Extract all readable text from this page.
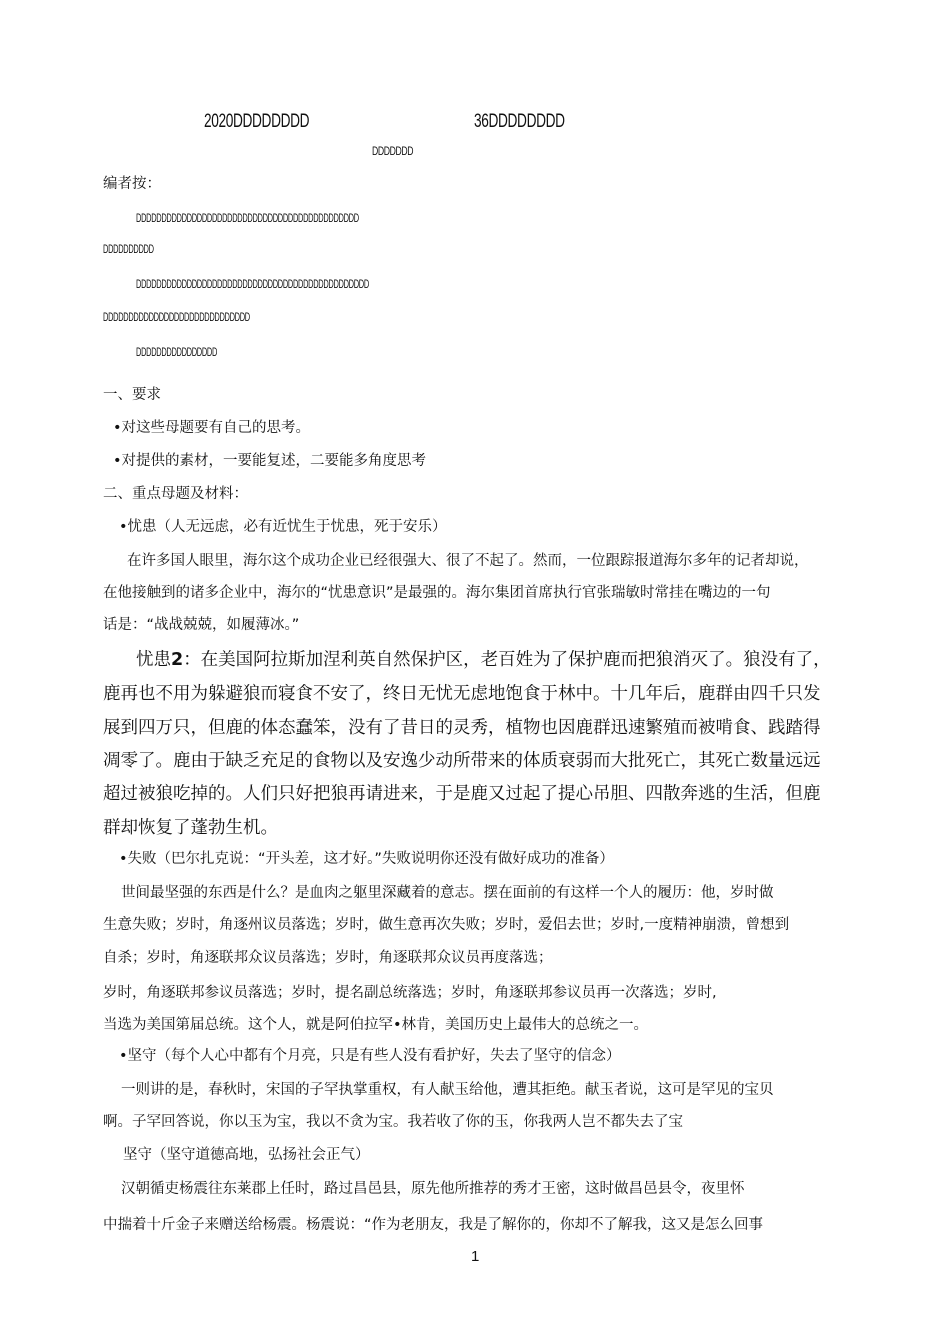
2020DDDDDDDD	36DDDDDDDD
DDDDDDD
编者按：
DDDDDDDDDDDDDDDDDDDDDDDDDDDDDDDDDDDDDDDDDDDD
DDDDDDDDDD
DDDDDDDDDDDDDDDDDDDDDDDDDDDDDDDDDDDDDDDDDDDDDD
DDDDDDDDDDDDDDDDDDDDDDDDDDDDD
DDDDDDDDDDDDDDDD
一、要求
•对这些母题要有自己的思考。
•对提供的素材，一要能复述，二要能多角度思考
二、重点母题及材料：
•忧患（人无远虑，必有近忧生于忧患，死于安乐）
在许多国人眼里，海尔这个成功企业已经很强大、很了不起了。然而，一位跟踪报道海尔多年的记者却说，
在他接触到的诸多企业中，海尔的“忧患意识”是最强的。海尔集团首席执行官张瑞敏时常挂在嘴边的一句
话是：“战战兢兢，如履薄冰。”
忧患2：在美国阿拉斯加涅利英自然保护区，老百姓为了保护鹿而把狼消灭了。狼没有了，
鹿再也不用为躲避狼而寝食不安了，终日无忧无虑地饱食于林中。十几年后，鹿群由四千只发
展到四万只，但鹿的体态蠢笨，没有了昔日的灵秀，植物也因鹿群迅速繁殖而被啃食、践踏得
凋零了。鹿由于缺乏充足的食物以及安逸少动所带来的体质衰弱而大批死亡，其死亡数量远远
超过被狼吃掉的。人们只好把狼再请进来，于是鹿又过起了提心吊胆、四散奔逃的生活，但鹿
群却恢复了蓬勃生机。
•失败（巴尔扎克说：“开头差，这才好。”失败说明你还没有做好成功的准备）
世间最坚强的东西是什么？是血肉之躯里深藏着的意志。摆在面前的有这样一个人的履历：他，岁时做
生意失败；岁时，角逐州议员落选；岁时，做生意再次失败；岁时，爱侣去世；岁时,一度精神崩溃，曾想到
自杀；岁时，角逐联邦众议员落选；岁时，角逐联邦众议员再度落选；
岁时，角逐联邦参议员落选；岁时，提名副总统落选；岁时，角逐联邦参议员再一次落选；岁时,
当选为美国第届总统。这个人，就是阿伯拉罕•林肯，美国历史上最伟大的总统之一。
•坚守（每个人心中都有个月亮，只是有些人没有看护好，失去了坚守的信念）
一则讲的是，春秋时，宋国的子罕执掌重权，有人献玉给他，遭其拒绝。献玉者说，这可是罕见的宝贝
啊。子罕回答说，你以玉为宝，我以不贪为宝。我若收了你的玉，你我两人岂不都失去了宝
坚守（坚守道德高地，弘扬社会正气）
汉朝循吏杨震往东莱郡上任时，路过昌邑县，原先他所推荐的秀才王密，这时做昌邑县令，夜里怀
中揣着十斤金子来赠送给杨震。杨震说：“作为老朋友，我是了解你的，你却不了解我，这又是怎么回事
1
